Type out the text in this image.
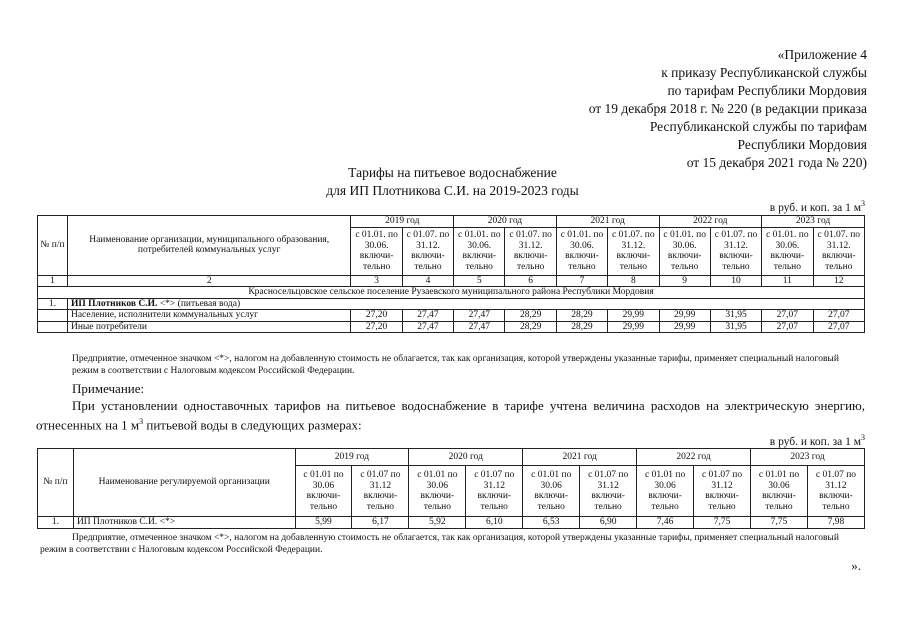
«Приложение 4
к приказу Республиканской службы
по тарифам Республики Мордовия
от 19 декабря 2018 г. № 220 (в редакции приказа
Республиканской службы по тарифам
Республики Мордовия
от 15 декабря 2021 года № 220)
Тарифы на питьевое водоснабжение
для ИП Плотникова С.И. на 2019-2023 годы
в руб. и коп. за 1 $м^3$
№ п/п	Наименование организации, муниципального образования, потребителей коммунальных услуг	2019 год		2020 год		2021 год		2022 год		2023 год	
		с 01.01. по 30.06. включи-тельно	с 01.07. по 31.12. включи-тельно	с 01.01. по 30.06. включи-тельно	с 01.07. по 31.12. включи-тельно	с 01.01. по 30.06. включи-тельно	с 01.07. по 31.12. включи-тельно	с 01.01. по 30.06. включи-тельно	с 01.07. по 31.12. включи-тельно	с 01.01. по 30.06. включи-тельно	с 01.07. по 31.12. включи-тельно
1	2	3	4	5	6	7	8	9	10	11	12
Красносельцовское сельское поселение Рузаевского муниципального района Республики Мордовия											
1.	ИП Плотников С.И. <*> (питьевая вода)										
	Население, исполнители коммунальных услуг	27,20	27,47	27,47	28,29	28,29	29,99	29,99	31,95	27,07	27,07
	Иные потребители	27,20	27,47	27,47	28,29	28,29	29,99	29,99	31,95	27,07	27,07
Предприятие, отмеченное значком <*>, налогом на добавленную стоимость не облагается, так как организация, которой утверждены указанные тарифы, применяет специальный налоговый режим в соответствии с Налоговым кодексом Российской Федерации.
Примечание:
При установлении одноставочных тарифов на питьевое водоснабжение в тарифе учтена величина расходов на электрическую энергию, отнесенных на 1 $м^3$ питьевой воды в следующих размерах:
в руб. и коп. за 1 $м^3$
№ п/п	Наименование регулируемой организации	2019 год		2020 год		2021 год		2022 год		2023 год	
		с 01.01 по 30.06 включи-тельно	с 01.07 по 31.12 включи-тельно	с 01.01 по 30.06 включи-тельно	с 01.07 по 31.12 включи-тельно	с 01.01 по 30.06 включи-тельно	с 01.07 по 31.12 включи-тельно	с 01.01 по 30.06 включи-тельно	с 01.07 по 31.12 включи-тельно	с 01.01 по 30.06 включи-тельно	с 01.07 по 31.12 включи-тельно
1.	ИП Плотников С.И. <*>	5,99	6,17	5,92	6,10	6,53	6,90	7,46	7,75	7,75	7,98
Предприятие, отмеченное значком <*>, налогом на добавленную стоимость не облагается, так как организация, которой утверждены указанные тарифы, применяет специальный налоговый режим в соответствии с Налоговым кодексом Российской Федерации.
».
